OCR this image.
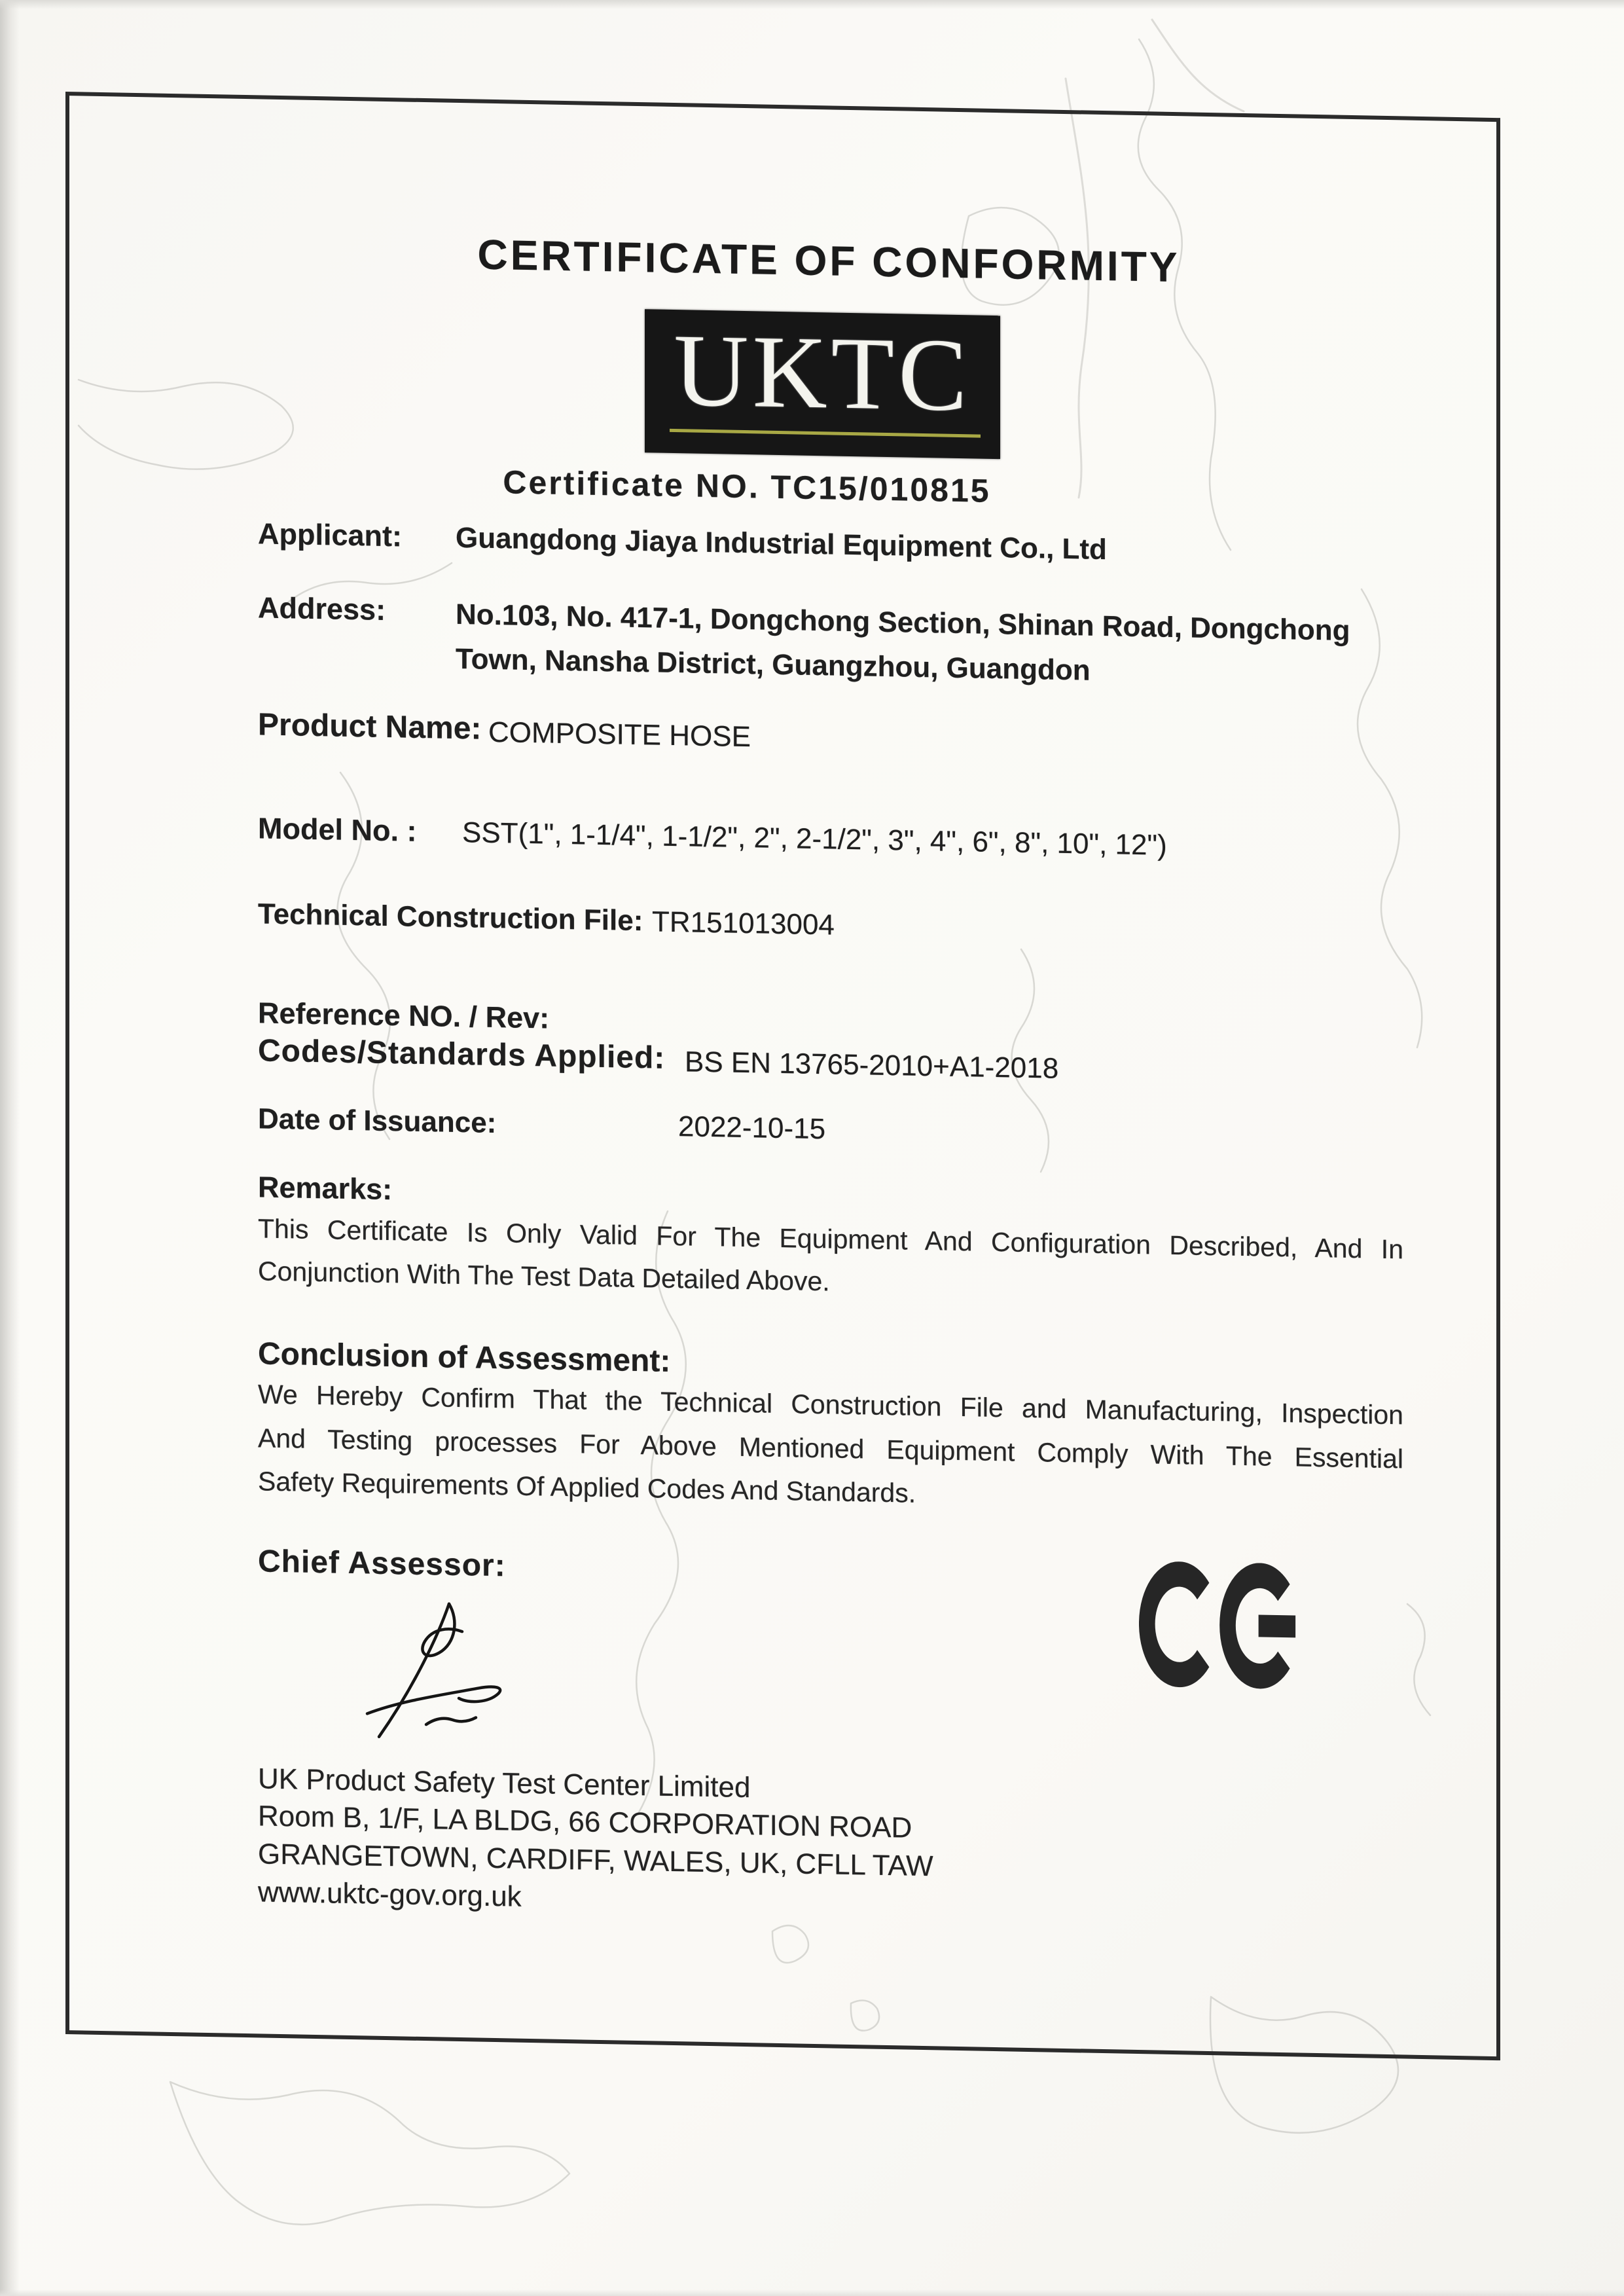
CERTIFICATE OF CONFORMITY
UKTC
Certificate NO. TC15/010815
Applicant: Guangdong Jiaya Industrial Equipment Co., Ltd
Address: No.103, No. 417-1, Dongchong Section, Shinan Road, Dongchong
Town, Nansha District, Guangzhou, Guangdon
Product Name: COMPOSITE HOSE
Model No. : SST(1", 1-1/4", 1-1/2", 2", 2-1/2", 3", 4", 6", 8", 10", 12")
Technical Construction File: TR151013004
Reference NO. / Rev:
Codes/Standards Applied: BS EN 13765-2010+A1-2018
Date of Issuance:	2022-10-15
Remarks:
This Certificate Is Only Valid For The Equipment And Configuration Described, And In
Conjunction With The Test Data Detailed Above.
Conclusion of Assessment:
We Hereby Confirm That the Technical Construction File and Manufacturing, Inspection
And Testing processes For Above Mentioned Equipment Comply With The Essential
Safety Requirements Of Applied Codes And Standards.
Chief Assessor:
UK Product Safety Test Center Limited
Room B, 1/F, LA BLDG, 66 CORPORATION ROAD
GRANGETOWN, CARDIFF, WALES, UK, CFLL TAW
www.uktc-gov.org.uk
